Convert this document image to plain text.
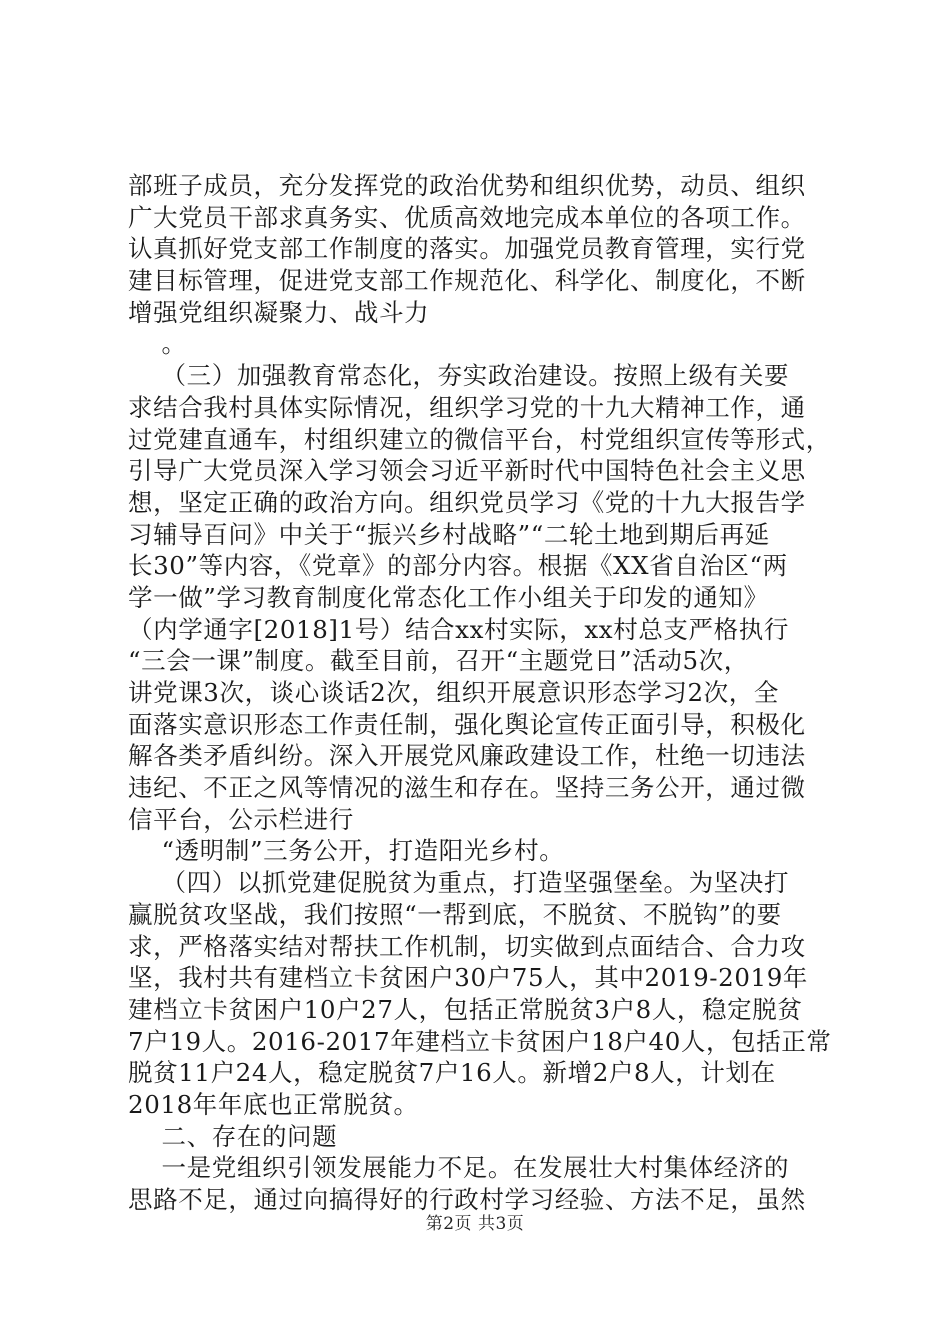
部班子成员，充分发挥党的政治优势和组织优势，动员、组织
广大党员干部求真务实、优质高效地完成本单位的各项工作。
认真抓好党支部工作制度的落实。加强党员教育管理，实行党
建目标管理，促进党支部工作规范化、科学化、制度化，不断
增强党组织凝聚力、战斗力
。
（三）加强教育常态化，夯实政治建设。按照上级有关要
求结合我村具体实际情况，组织学习党的十九大精神工作，通
过党建直通车，村组织建立的微信平台，村党组织宣传等形式，
引导广大党员深入学习领会习近平新时代中国特色社会主义思
想，坚定正确的政治方向。组织党员学习《党的十九大报告学
习辅导百问》中关于“振兴乡村战略”“二轮土地到期后再延
长30”等内容，《党章》的部分内容。根据《XX省自治区“两
学一做”学习教育制度化常态化工作小组关于印发的通知》
（内学通字[2018]1号）结合xx村实际，xx村总支严格执行
“三会一课”制度。截至目前，召开“主题党日”活动5次，
讲党课3次，谈心谈话2次，组织开展意识形态学习2次，全
面落实意识形态工作责任制，强化舆论宣传正面引导，积极化
解各类矛盾纠纷。深入开展党风廉政建设工作，杜绝一切违法
违纪、不正之风等情况的滋生和存在。坚持三务公开，通过微
信平台，公示栏进行
“透明制”三务公开，打造阳光乡村。
（四）以抓党建促脱贫为重点，打造坚强堡垒。为坚决打
赢脱贫攻坚战，我们按照“一帮到底，不脱贫、不脱钩”的要
求，严格落实结对帮扶工作机制，切实做到点面结合、合力攻
坚，我村共有建档立卡贫困户30户75人，其中2019-2019年
建档立卡贫困户10户27人，包括正常脱贫3户8人，稳定脱贫
7户19人。2016-2017年建档立卡贫困户18户40人，包括正常
脱贫11户24人，稳定脱贫7户16人。新增2户8人，计划在
2018年年底也正常脱贫。
二、存在的问题
一是党组织引领发展能力不足。在发展壮大村集体经济的
思路不足，通过向搞得好的行政村学习经验、方法不足，虽然
第2页 共3页
